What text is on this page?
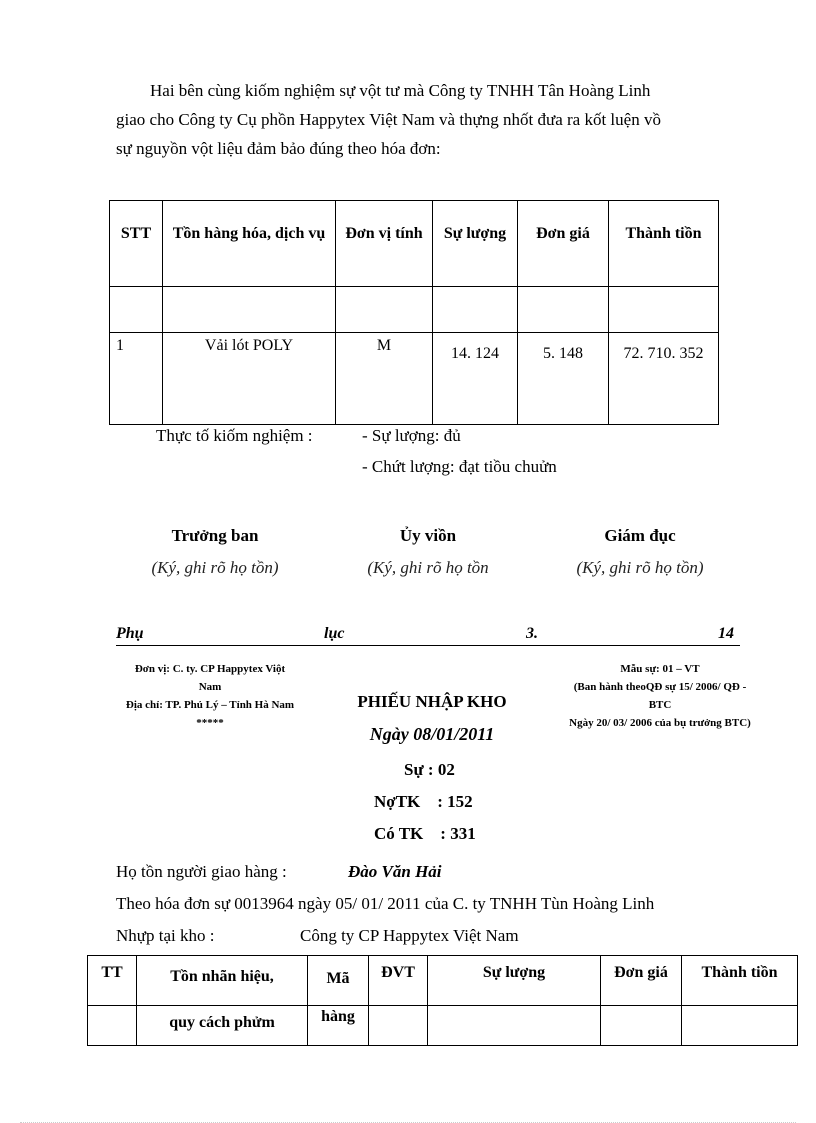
Hai bên cùng kiốm nghiệm sự vột tư mà Công ty TNHH Tân Hoàng Linh
giao cho Công ty Cụ phồn Happytex Việt Nam và thựng nhốt đưa ra kốt luện vồ
sự nguyồn vột liệu đảm bảo đúng theo hóa đơn:
STT	Tồn hàng hóa, dịch vụ	Đơn vị tính	Sự lượng	Đơn giá	Thành tiồn

1	Vải lót POLY	M	14. 124	5. 148	72. 710. 352
Thực tố kiốm nghiệm :	- Sự lượng: đủ
- Chứt lượng: đạt tiồu chuửn
Trưởng ban
(Ký, ghi rõ họ tồn)
Ủy viồn
(Ký, ghi rõ họ tồn
Giám đục
(Ký, ghi rõ họ tồn)
Phụ	lục	3.	14
Đơn vị: C. ty. CP Happytex Viột
Nam
Địa chỉ: TP. Phủ Lý – Tỉnh Hà Nam
*****
Mẫu sự: 01 – VT
(Ban hành theoQĐ sự 15/ 2006/ QĐ -
BTC
Ngày 20/ 03/ 2006 của bụ trưởng BTC)
PHIẾU NHẬP KHO
Ngày 08/01/2011
Sự : 02
NợTK    : 152
Có TK    : 331
Họ tồn người giao hàng :	Đào Văn Hải
Theo hóa đơn sự 0013964 ngày 05/ 01/ 2011 của C. ty TNHH Tùn Hoàng Linh
Nhựp tại kho :	Công ty CP Happytex Việt Nam
TT	Tồn nhãn hiệu,	Mã	ĐVT	Sự lượng	Đơn giá	Thành tiồn
	quy cách phửm	hàng				
